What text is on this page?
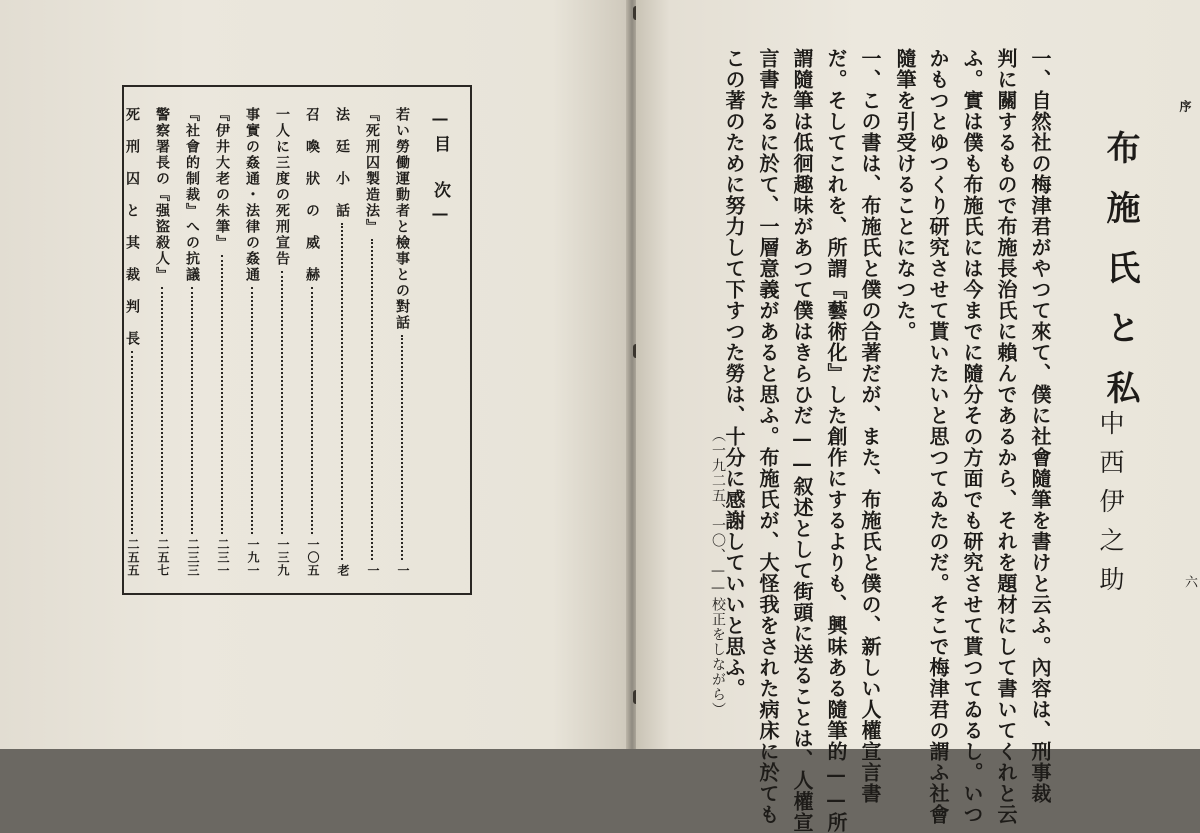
—目　次—
若い勞働運動者と檢事との對話
一
『死刑囚製造法』
一
法　廷　小　話
老
召　喚　狀　の　威　赫
一〇五
一人に三度の死刑宣告
一三九
事實の姦通・法律の姦通
一九一
『伊井大老の朱筆』
二三一
『社會的制裁』への抗議
二三三
警察署長の『强盜殺人』
二五七
死　刑　囚　と　其　裁　判　長
二五五
序
六
布施氏と私
中西伊之助
一、自然社の梅津君がやつて來て、僕に社會隨筆を書けと云ふ。內容は、刑事裁
判に關するもので布施長治氏に賴んであるから、それを題材にして書いてくれと云
ふ。實は僕も布施氏には今までに隨分その方面でも研究させて貰つてゐるし。いつ
かもつとゆつくり研究させて貰いたいと思つてゐたのだ。そこで梅津君の謂ふ社會
隨筆を引受けることになつた。
一、この書は、布施氏と僕の合著だが、また、布施氏と僕の、新しい人權宣言書
だ。そしてこれを、所謂『藝術化』した創作にするよりも、興味ある隨筆的——所
謂隨筆は低徊趣味があつて僕はきらひだ——叙述として街頭に送ることは、人權宣
言書たるに於て、一層意義があると思ふ。布施氏が、大怪我をされた病床に於ても
この著のために努力して下すつた勞は、十分に感謝していいと思ふ。
（一九二五、一〇、——校正をしながら）
